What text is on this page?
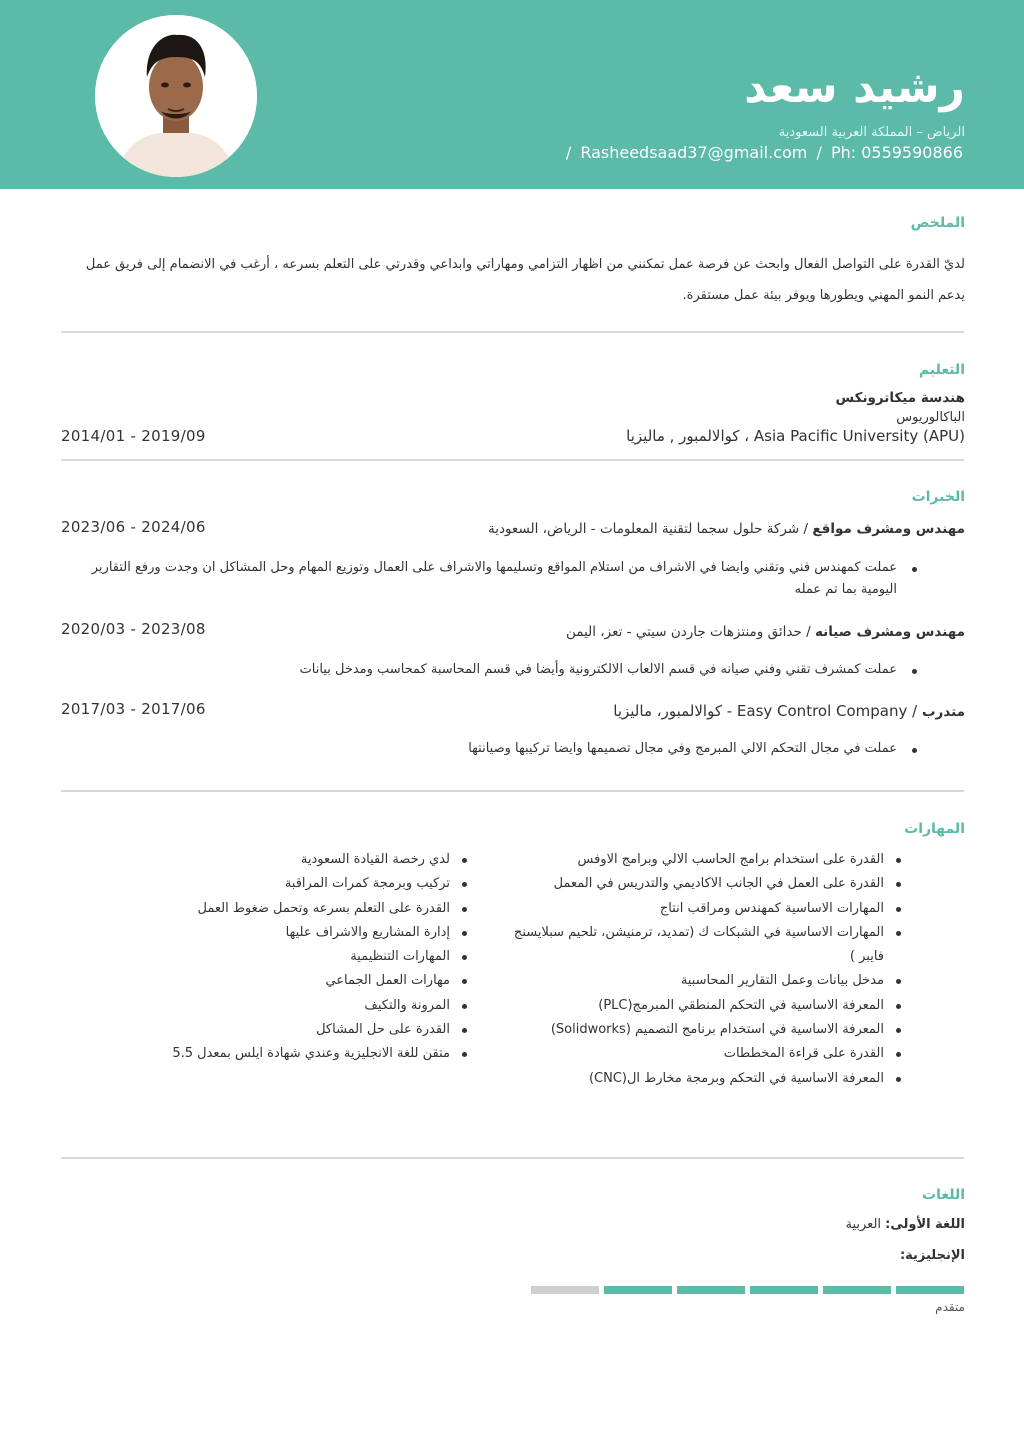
رشيد سعد
الرياض – المملكة العربية السعودية
/ Rasheedsaad37@gmail.com / Ph: 0559590866
الملخص
لديّ القدرة على التواصل الفعال وابحث عن فرصة عمل تمكنني من اظهار التزامي ومهاراتي وابداعي وقدرتي على التعلم بسرعه ، أرغب في الانضمام إلى فريق عمل يدعم النمو المهني ويطورها ويوفر بيئة عمل مستقرة.
التعليم
هندسة ميكاترونكس
الباكالوريوس
Asia Pacific University (APU) ، كوالالمبور , ماليزيا
2014/01 - 2019/09
الخبرات
مهندس ومشرف مواقع / شركة حلول سجما لتقنية المعلومات - الرياض، السعودية
2023/06 - 2024/06
عملت كمهندس فني وتقني وايضا في الاشراف من استلام المواقع وتسليمها والاشراف على العمال وتوزيع المهام وحل المشاكل ان وجدت ورفع التقارير اليومية بما تم عمله
مهندس ومشرف صيانه / حدائق ومنتزهات جاردن سيتي - تعز، اليمن
2020/03 - 2023/08
عملت كمشرف تقني وفني صيانه في قسم الالعاب الالكترونية وأيضا في قسم المحاسبة كمحاسب ومدخل بيانات
متدرب / Easy Control Company - كوالالمبور، ماليزيا
2017/03 - 2017/06
عملت في مجال التحكم الالي المبرمج وفي مجال تصميمها وايضا تركيبها وصيانتها
المهارات
القدرة على استخدام برامج الحاسب الالي وبرامج الاوفس
القدرة على العمل في الجانب الاكاديمي والتدريس في المعمل
المهارات الاساسية كمهندس ومراقب انتاج
المهارات الاساسية في الشبكات ك (تمديد، ترمنيشن، تلحيم سبلايسنج فايبر )
مدخل بيانات وعمل التقارير المحاسبية
المعرفة الاساسية في التحكم المنطقي المبرمج(PLC)
المعرفة الاساسية في استخدام برنامج التصميم (Solidworks)
القدرة على قراءة المخططات
المعرفة الاساسية في التحكم وبرمجة مخارط ال(CNC)
لدي رخصة القيادة السعودية
تركيب وبرمجة كمرات المراقبة
القدرة على التعلم بسرعه وتحمل ضغوط العمل
إدارة المشاريع والاشراف عليها
المهارات التنظيمية
مهارات العمل الجماعي
المرونة والتكيف
القدرة على حل المشاكل
متقن للغة الانجليزية وعندي شهادة ايلس بمعدل 5.5
اللغات
اللغة الأولى: العربية
الإنجليزية:
متقدم
